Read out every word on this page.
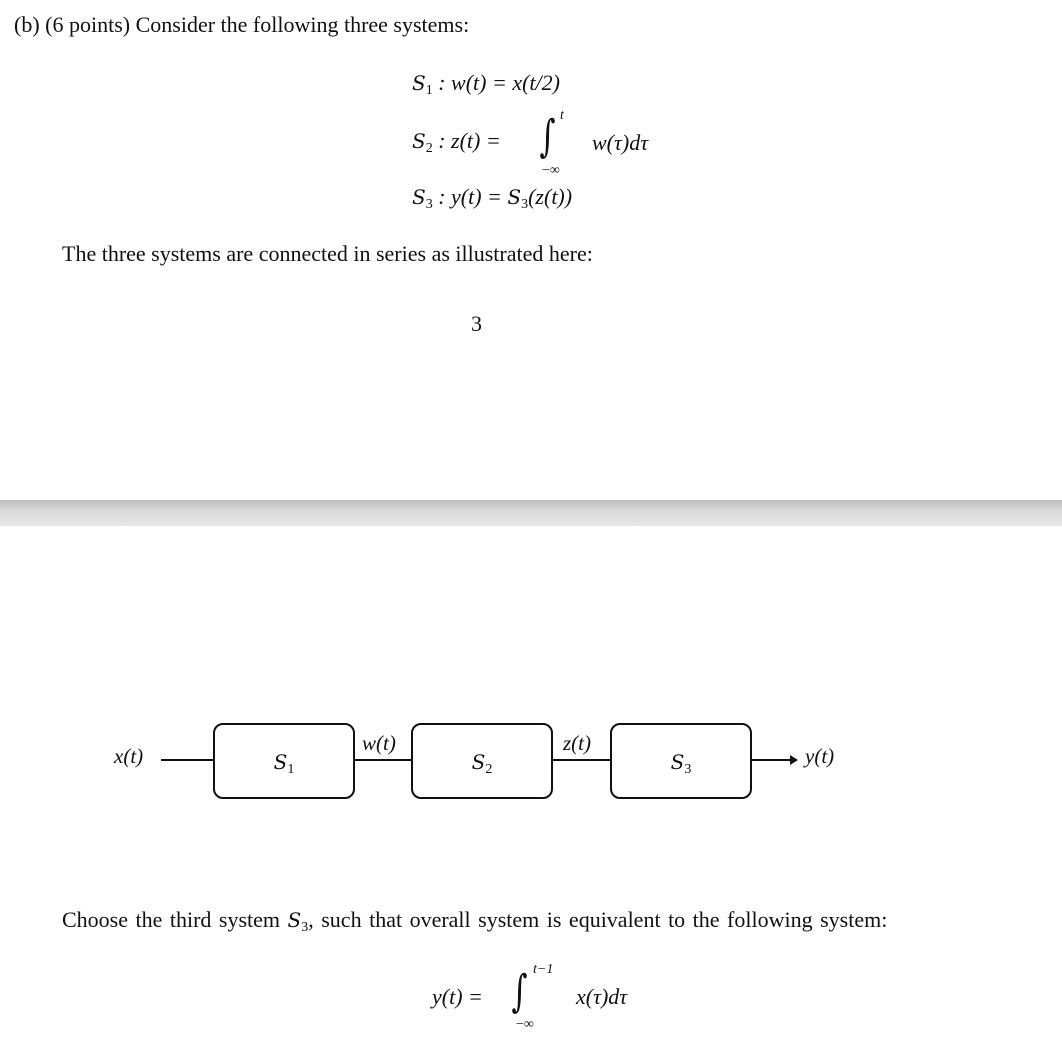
(b) (6 points) Consider the following three systems:
$S_1$ : w(t) = x(t/2)
$S_2$ : z(t) = ∫ t
−∞
w(τ)dτ
$S_3$ : $y(t) = S_3(z(t))$
The three systems are connected in series as illustrated here:
3
x(t)	$S_1$
w(t)
$S_2$
z(t)
$S_3$
y(t)
Choose the third system $S_3$, such that overall system is equivalent to the following system:
y(t) = ∫ t−1
−∞
x(τ)dτ
